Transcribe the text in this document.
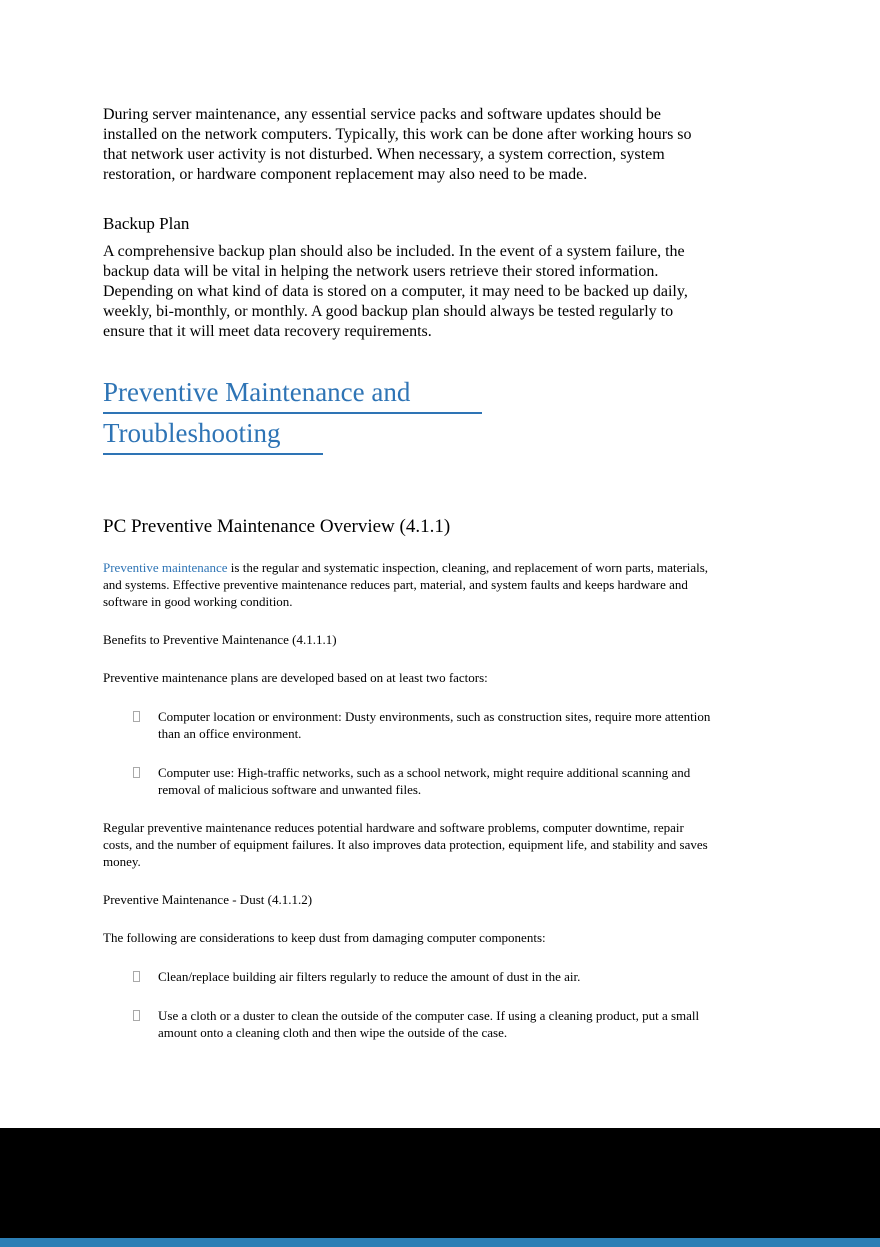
During server maintenance, any essential service packs and software updates should be installed on the network computers. Typically, this work can be done after working hours so that network user activity is not disturbed. When necessary, a system correction, system restoration, or hardware component replacement may also need to be made.

Backup Plan

A comprehensive backup plan should also be included. In the event of a system failure, the backup data will be vital in helping the network users retrieve their stored information. Depending on what kind of data is stored on a computer, it may need to be backed up daily, weekly, bi-monthly, or monthly. A good backup plan should always be tested regularly to ensure that it will meet data recovery requirements.

Preventive Maintenance and
Troubleshooting
PC Preventive Maintenance Overview (4.1.1)

Preventive maintenance is the regular and systematic inspection, cleaning, and replacement of worn parts, materials, and systems. Effective preventive maintenance reduces part, material, and system faults and keeps hardware and software in good working condition.

Benefits to Preventive Maintenance (4.1.1.1)

Preventive maintenance plans are developed based on at least two factors:

Computer location or environment: Dusty environments, such as construction sites, require more attention than an office environment.
Computer use: High-traffic networks, such as a school network, might require additional scanning and removal of malicious software and unwanted files.

Regular preventive maintenance reduces potential hardware and software problems, computer downtime, repair costs, and the number of equipment failures. It also improves data protection, equipment life, and stability and saves money.

Preventive Maintenance - Dust (4.1.1.2)

The following are considerations to keep dust from damaging computer components:

Clean/replace building air filters regularly to reduce the amount of dust in the air.
Use a cloth or a duster to clean the outside of the computer case. If using a cleaning product, put a small amount onto a cleaning cloth and then wipe the outside of the case.
